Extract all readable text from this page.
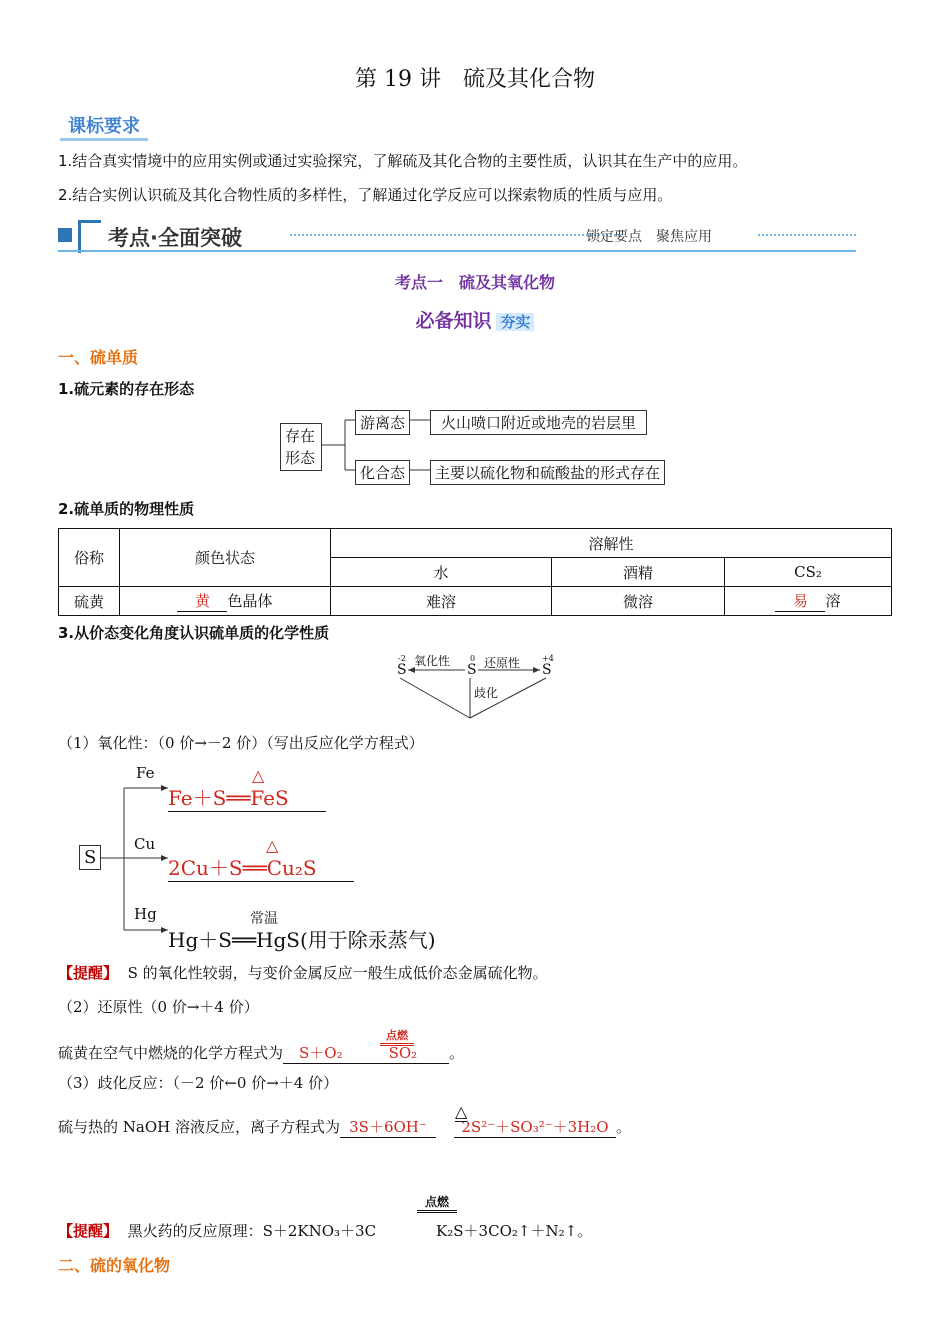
第 19 讲　硫及其化合物
课标要求
1.结合真实情境中的应用实例或通过实验探究，了解硫及其化合物的主要性质，认识其在生产中的应用。
2.结合实例认识硫及其化合物性质的多样性，了解通过化学反应可以探索物质的性质与应用。
考点·全面突破	锁定要点　聚焦应用
考点一　硫及其氧化物
必备知识 夯实
一、硫单质
1.硫元素的存在形态
存在形态
游离态	火山喷口附近或地壳的岩层里
化合态	主要以硫化物和硫酸盐的形式存在
2.硫单质的物理性质
俗称	颜色状态	溶解性		
		水	酒精	CS₂
硫黄	黄 色晶体	难溶	微溶	易 溶
3.从价态变化角度认识硫单质的化学性质
S
-2
S
0
S
+4
氧化性	还原性
歧化
（1）氧化性：（0 价→－2 价）（写出反应化学方程式）
S
Fe
Cu
Hg
△
Fe＋S══FeS
△
2Cu＋S══Cu₂S
常温
Hg＋S══HgS(用于除汞蒸气)
【提醒】 S 的氧化性较弱，与变价金属反应一般生成低价态金属硫化物。
（2）还原性（0 价→＋4 价）
硫黄在空气中燃烧的化学方程式为 S＋O₂	SO₂ 。
点燃
（3）歧化反应：（－2 价←0 价→＋4 价）
硫与热的 NaOH 溶液反应，离子方程式为 3S＋6OH⁻ 2S²⁻＋SO₃²⁻＋3H₂O 。
△
点燃
【提醒】 黑火药的反应原理：S＋2KNO₃＋3C	K₂S＋3CO₂↑＋N₂↑。
二、硫的氧化物
